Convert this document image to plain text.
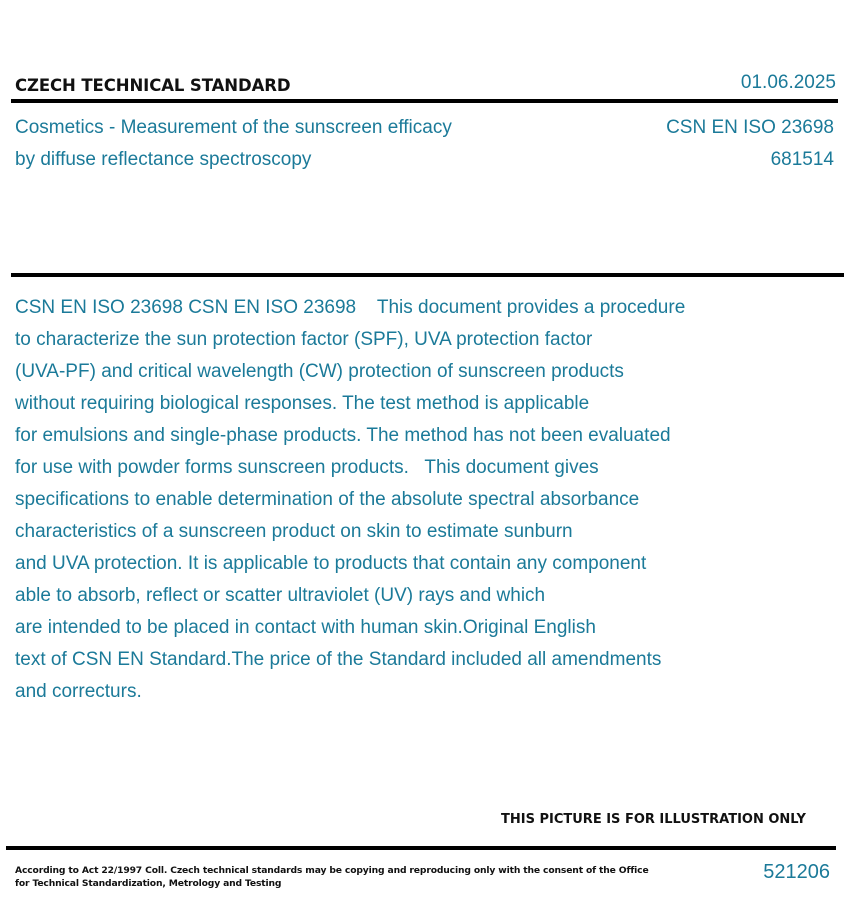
CZECH TECHNICAL STANDARD	01.06.2025
Cosmetics - Measurement of the sunscreen efficacy
by diffuse reflectance spectroscopy
CSN EN ISO 23698
681514
CSN EN ISO 23698 CSN EN ISO 23698    This document provides a procedure
to characterize the sun protection factor (SPF), UVA protection factor
(UVA-PF) and critical wavelength (CW) protection of sunscreen products
without requiring biological responses. The test method is applicable
for emulsions and single-phase products. The method has not been evaluated
for use with powder forms sunscreen products.   This document gives
specifications to enable determination of the absolute spectral absorbance
characteristics of a sunscreen product on skin to estimate sunburn
and UVA protection. It is applicable to products that contain any component
able to absorb, reflect or scatter ultraviolet (UV) rays and which
are intended to be placed in contact with human skin.Original English
text of CSN EN Standard.The price of the Standard included all amendments
and correcturs.
THIS PICTURE IS FOR ILLUSTRATION ONLY
According to Act 22/1997 Coll. Czech technical standards may be copying and reproducing only with the consent of the Office
for Technical Standardization, Metrology and Testing
521206
